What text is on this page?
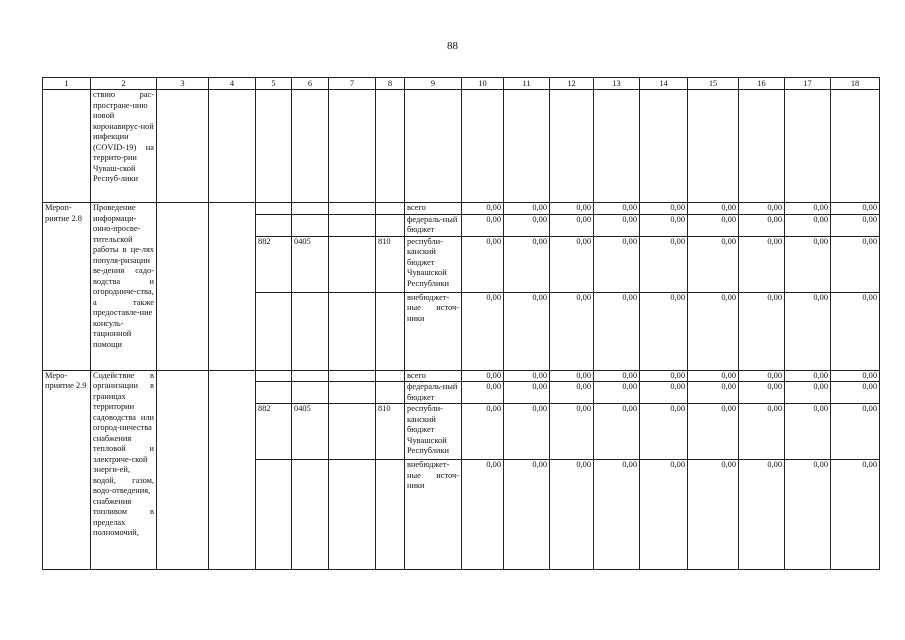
88
1	2	3	4	5	6	7	8	9	10	11	12	13	14	15	16	17	18
	ствию рас-пространe-нию новой коронавирус-ной инфекции (COVID-19) на террито-рии Чуваш-ской Респуб-лики																
Мероп-риятие 2.8	Проведение информаци-онно-просве-тительской работы в це-лях популя-ризации ве-дения садо-водства и огородниче-ства, а также предоставле-ние консуль-тационной помощи							всего	0,00	0,00	0,00	0,00	0,00	0,00	0,00	0,00	0,00
								федераль-ный бюджет	0,00	0,00	0,00	0,00	0,00	0,00	0,00	0,00	0,00
				882	0405		810	республи-канский бюджет Чувашской Республики	0,00	0,00	0,00	0,00	0,00	0,00	0,00	0,00	0,00
								внебюджет-ные источ-ники	0,00	0,00	0,00	0,00	0,00	0,00	0,00	0,00	0,00
Меро-приятие 2.9	Содействие в организации в границах территории садоводства или огород-ничества снабжения тепловой и электриче-ской энерги-ей, водой, газом, водо-отведения, снабжения топливом в пределах полномочий,							всего	0,00	0,00	0,00	0,00	0,00	0,00	0,00	0,00	0,00
								федераль-ный бюджет	0,00	0,00	0,00	0,00	0,00	0,00	0,00	0,00	0,00
				882	0405		810	республи-канский бюджет Чувашской Республики	0,00	0,00	0,00	0,00	0,00	0,00	0,00	0,00	0,00
								внебюджет-ные источ-ники	0,00	0,00	0,00	0,00	0,00	0,00	0,00	0,00	0,00
